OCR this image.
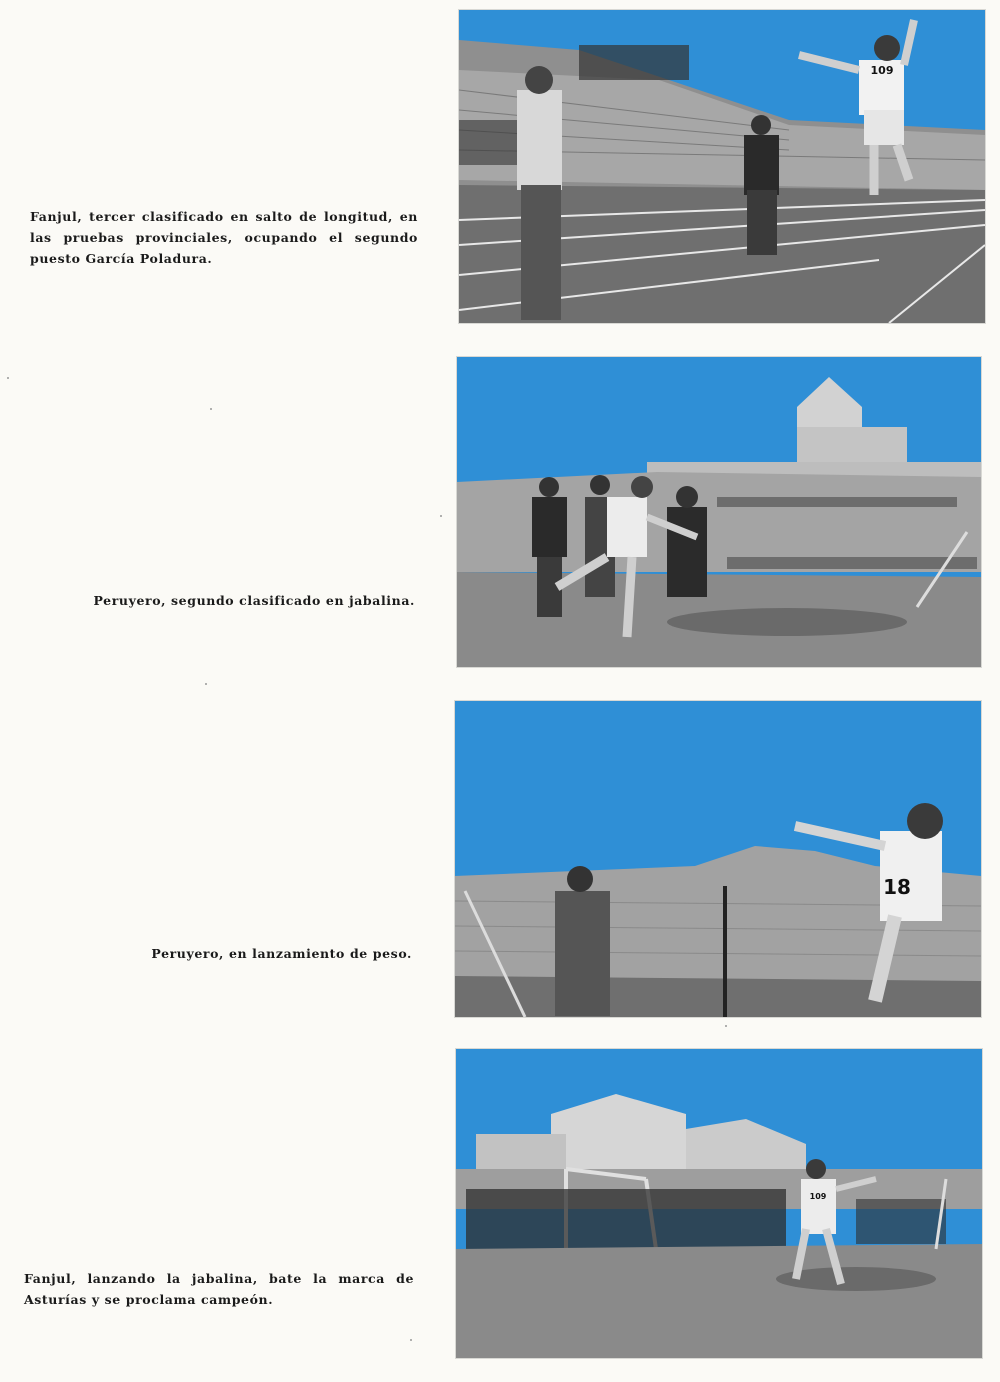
Fanjul, tercer clasificado en salto de longitud, en las pruebas provinciales, ocupando el segundo puesto García Poladura.

109

Peruyero, segundo clasificado en jabalina.

Peruyero, en lanzamiento de peso.

18

Fanjul, lanzando la jabalina, bate la marca de Asturías y se proclama campeón.

109
